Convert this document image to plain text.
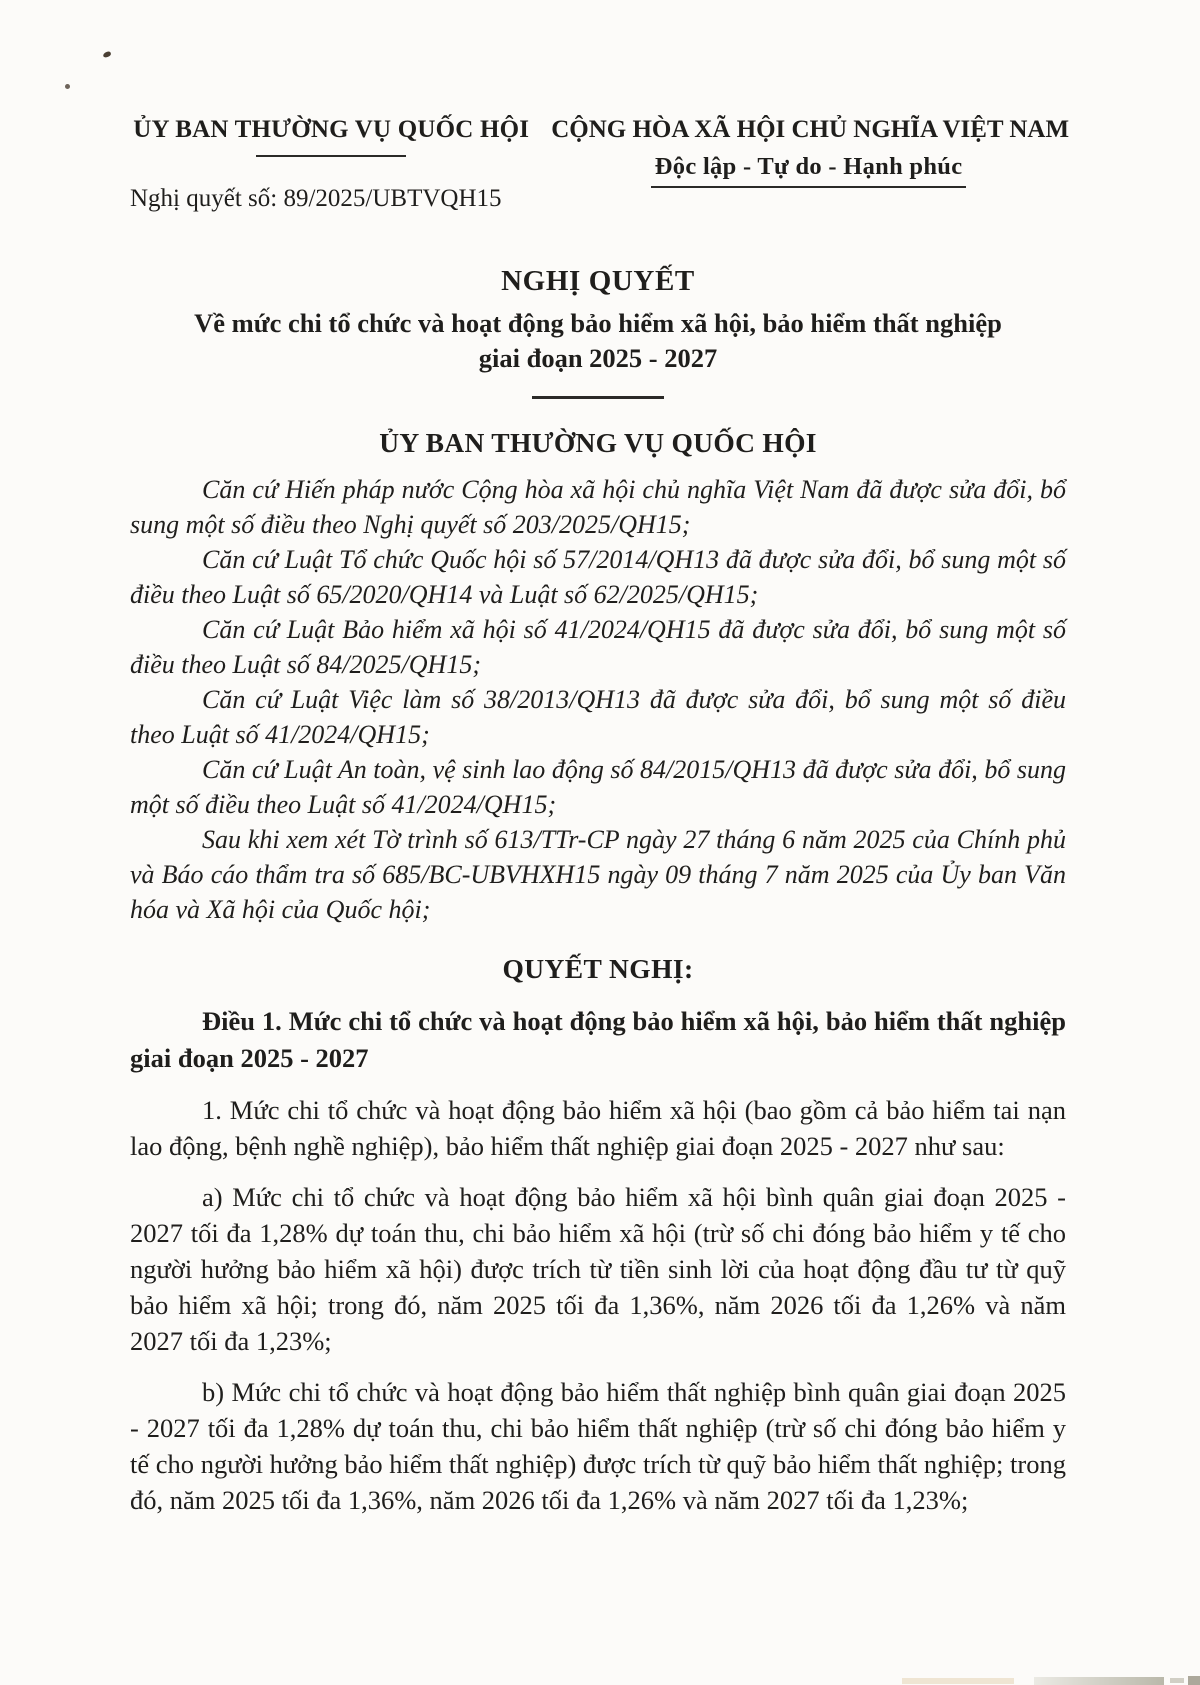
ỦY BAN THƯỜNG VỤ QUỐC HỘI
Nghị quyết số: 89/2025/UBTVQH15
CỘNG HÒA XÃ HỘI CHỦ NGHĨA VIỆT NAM
Độc lập - Tự do - Hạnh phúc
NGHỊ QUYẾT
Về mức chi tổ chức và hoạt động bảo hiểm xã hội, bảo hiểm thất nghiệp
giai đoạn 2025 - 2027
ỦY BAN THƯỜNG VỤ QUỐC HỘI

Căn cứ Hiến pháp nước Cộng hòa xã hội chủ nghĩa Việt Nam đã được sửa đổi, bổ sung một số điều theo Nghị quyết số 203/2025/QH15;

Căn cứ Luật Tổ chức Quốc hội số 57/2014/QH13 đã được sửa đổi, bổ sung một số điều theo Luật số 65/2020/QH14 và Luật số 62/2025/QH15;

Căn cứ Luật Bảo hiểm xã hội số 41/2024/QH15 đã được sửa đổi, bổ sung một số điều theo Luật số 84/2025/QH15;

Căn cứ Luật Việc làm số 38/2013/QH13 đã được sửa đổi, bổ sung một số điều theo Luật số 41/2024/QH15;

Căn cứ Luật An toàn, vệ sinh lao động số 84/2015/QH13 đã được sửa đổi, bổ sung một số điều theo Luật số 41/2024/QH15;

Sau khi xem xét Tờ trình số 613/TTr-CP ngày 27 tháng 6 năm 2025 của Chính phủ và Báo cáo thẩm tra số 685/BC-UBVHXH15 ngày 09 tháng 7 năm 2025 của Ủy ban Văn hóa và Xã hội của Quốc hội;

QUYẾT NGHỊ:

Điều 1. Mức chi tổ chức và hoạt động bảo hiểm xã hội, bảo hiểm thất nghiệp giai đoạn 2025 - 2027

1. Mức chi tổ chức và hoạt động bảo hiểm xã hội (bao gồm cả bảo hiểm tai nạn lao động, bệnh nghề nghiệp), bảo hiểm thất nghiệp giai đoạn 2025 - 2027 như sau:

a) Mức chi tổ chức và hoạt động bảo hiểm xã hội bình quân giai đoạn 2025 - 2027 tối đa 1,28% dự toán thu, chi bảo hiểm xã hội (trừ số chi đóng bảo hiểm y tế cho người hưởng bảo hiểm xã hội) được trích từ tiền sinh lời của hoạt động đầu tư từ quỹ bảo hiểm xã hội; trong đó, năm 2025 tối đa 1,36%, năm 2026 tối đa 1,26% và năm 2027 tối đa 1,23%;

b) Mức chi tổ chức và hoạt động bảo hiểm thất nghiệp bình quân giai đoạn 2025 - 2027 tối đa 1,28% dự toán thu, chi bảo hiểm thất nghiệp (trừ số chi đóng bảo hiểm y tế cho người hưởng bảo hiểm thất nghiệp) được trích từ quỹ bảo hiểm thất nghiệp; trong đó, năm 2025 tối đa 1,36%, năm 2026 tối đa 1,26% và năm 2027 tối đa 1,23%;
